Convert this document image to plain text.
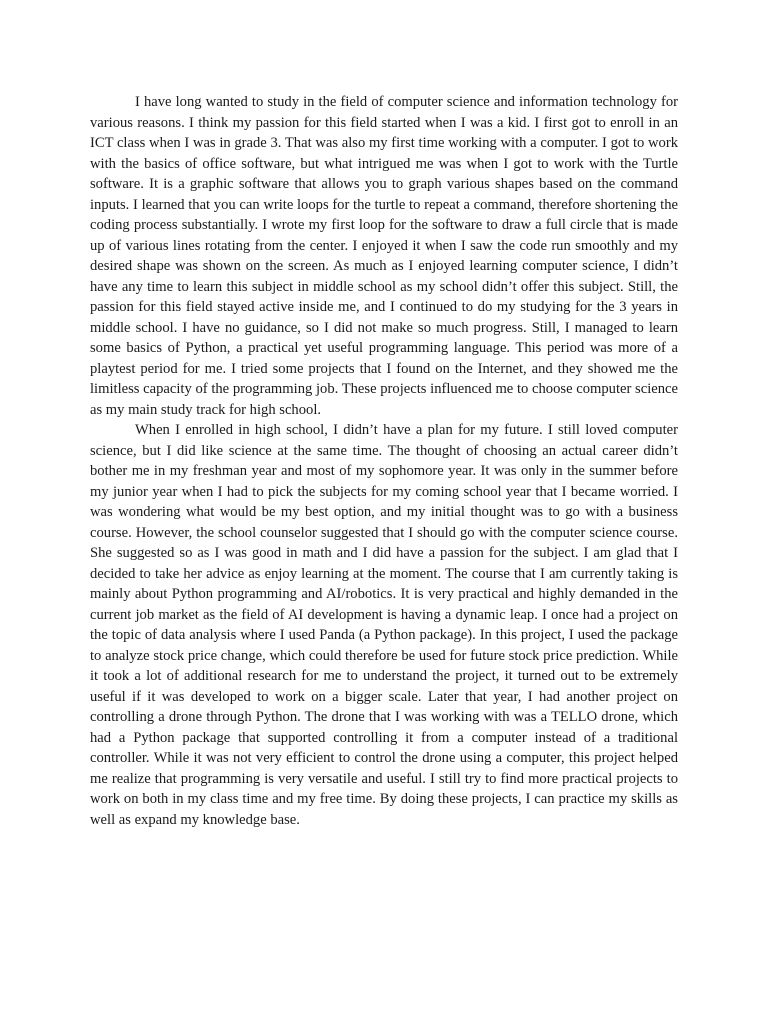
I have long wanted to study in the field of computer science and information technology for various reasons. I think my passion for this field started when I was a kid. I first got to enroll in an ICT class when I was in grade 3. That was also my first time working with a computer. I got to work with the basics of office software, but what intrigued me was when I got to work with the Turtle software. It is a graphic software that allows you to graph various shapes based on the command inputs. I learned that you can write loops for the turtle to repeat a command, therefore shortening the coding process substantially. I wrote my first loop for the software to draw a full circle that is made up of various lines rotating from the center. I enjoyed it when I saw the code run smoothly and my desired shape was shown on the screen. As much as I enjoyed learning computer science, I didn’t have any time to learn this subject in middle school as my school didn’t offer this subject. Still, the passion for this field stayed active inside me, and I continued to do my studying for the 3 years in middle school. I have no guidance, so I did not make so much progress. Still, I managed to learn some basics of Python, a practical yet useful programming language. This period was more of a playtest period for me. I tried some projects that I found on the Internet, and they showed me the limitless capacity of the programming job. These projects influenced me to choose computer science as my main study track for high school.

When I enrolled in high school, I didn’t have a plan for my future. I still loved computer science, but I did like science at the same time. The thought of choosing an actual career didn’t bother me in my freshman year and most of my sophomore year. It was only in the summer before my junior year when I had to pick the subjects for my coming school year that I became worried. I was wondering what would be my best option, and my initial thought was to go with a business course. However, the school counselor suggested that I should go with the computer science course. She suggested so as I was good in math and I did have a passion for the subject. I am glad that I decided to take her advice as enjoy learning at the moment. The course that I am currently taking is mainly about Python programming and AI/robotics. It is very practical and highly demanded in the current job market as the field of AI development is having a dynamic leap. I once had a project on the topic of data analysis where I used Panda (a Python package). In this project, I used the package to analyze stock price change, which could therefore be used for future stock price prediction. While it took a lot of additional research for me to understand the project, it turned out to be extremely useful if it was developed to work on a bigger scale. Later that year, I had another project on controlling a drone through Python. The drone that I was working with was a TELLO drone, which had a Python package that supported controlling it from a computer instead of a traditional controller. While it was not very efficient to control the drone using a computer, this project helped me realize that programming is very versatile and useful. I still try to find more practical projects to work on both in my class time and my free time. By doing these projects, I can practice my skills as well as expand my knowledge base.
